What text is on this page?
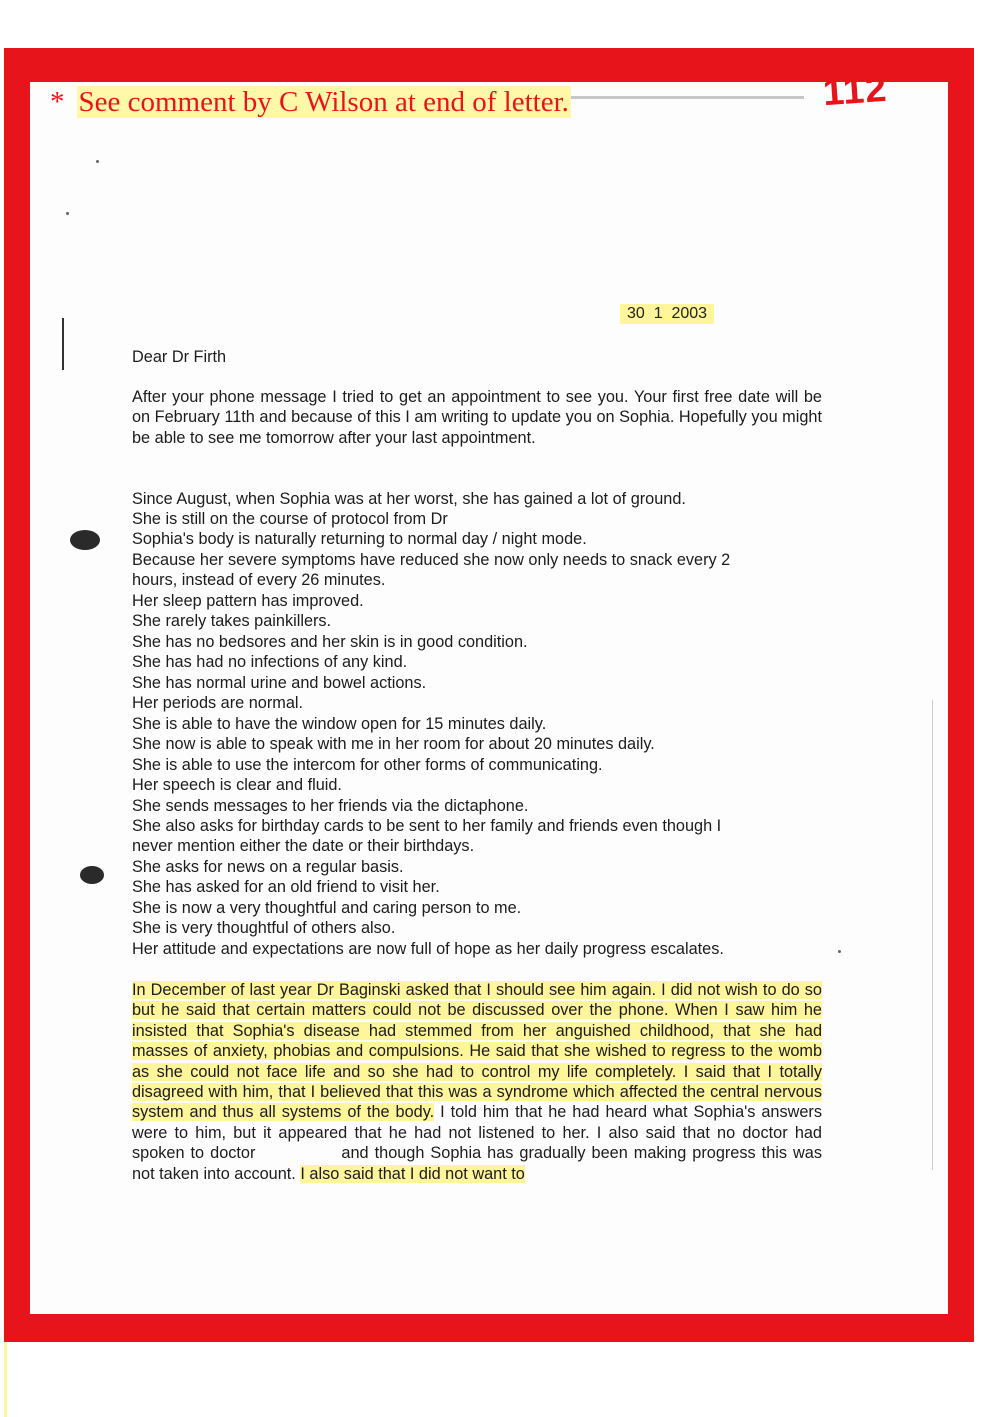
* See comment by C Wilson at end of letter.	112
30  1  2003
Dear Dr Firth
After your phone message I tried to get an appointment to see you. Your first free date will be on February 11th and because of this I am writing to update you on Sophia. Hopefully you might be able to see me tomorrow after your last appointment.
Since August, when Sophia was at her worst, she has gained a lot of ground.
She is still on the course of protocol from Dr
Sophia's body is naturally returning to normal day / night mode.
Because her severe symptoms have reduced she now only needs to snack every 2
hours, instead of every 26 minutes.
Her sleep pattern has improved.
She rarely takes painkillers.
She has no bedsores and her skin is in good condition.
She has had no infections of any kind.
She has normal urine and bowel actions.
Her periods are normal.
She is able to have the window open for 15 minutes daily.
She now is able to speak with me in her room for about 20 minutes daily.
She is able to use the intercom for other forms of communicating.
Her speech is clear and fluid.
She sends messages to her friends via the dictaphone.
She also asks for birthday cards to be sent to her family and friends even though I
never mention either the date or their birthdays.
She asks for news on a regular basis.
She has asked for an old friend to visit her.
She is now a very thoughtful and caring person to me.
She is very thoughtful of others also.
Her attitude and expectations are now full of hope as her daily progress escalates.
In December of last year Dr Baginski asked that I should see him again. I did not wish to do so but he said that certain matters could not be discussed over the phone. When I saw him he insisted that Sophia's disease had stemmed from her anguished childhood, that she had masses of anxiety, phobias and compulsions. He said that she wished to regress to the womb as she could not face life and so she had to control my life completely. I said that I totally disagreed with him, that I believed that this was a syndrome which affected the central nervous system and thus all systems of the body. I told him that he had heard what Sophia's answers were to him, but it appeared that he had not listened to her. I also said that no doctor had spoken to doctor	and though Sophia has gradually been making progress this was not taken into account. I also said that I did not want to
